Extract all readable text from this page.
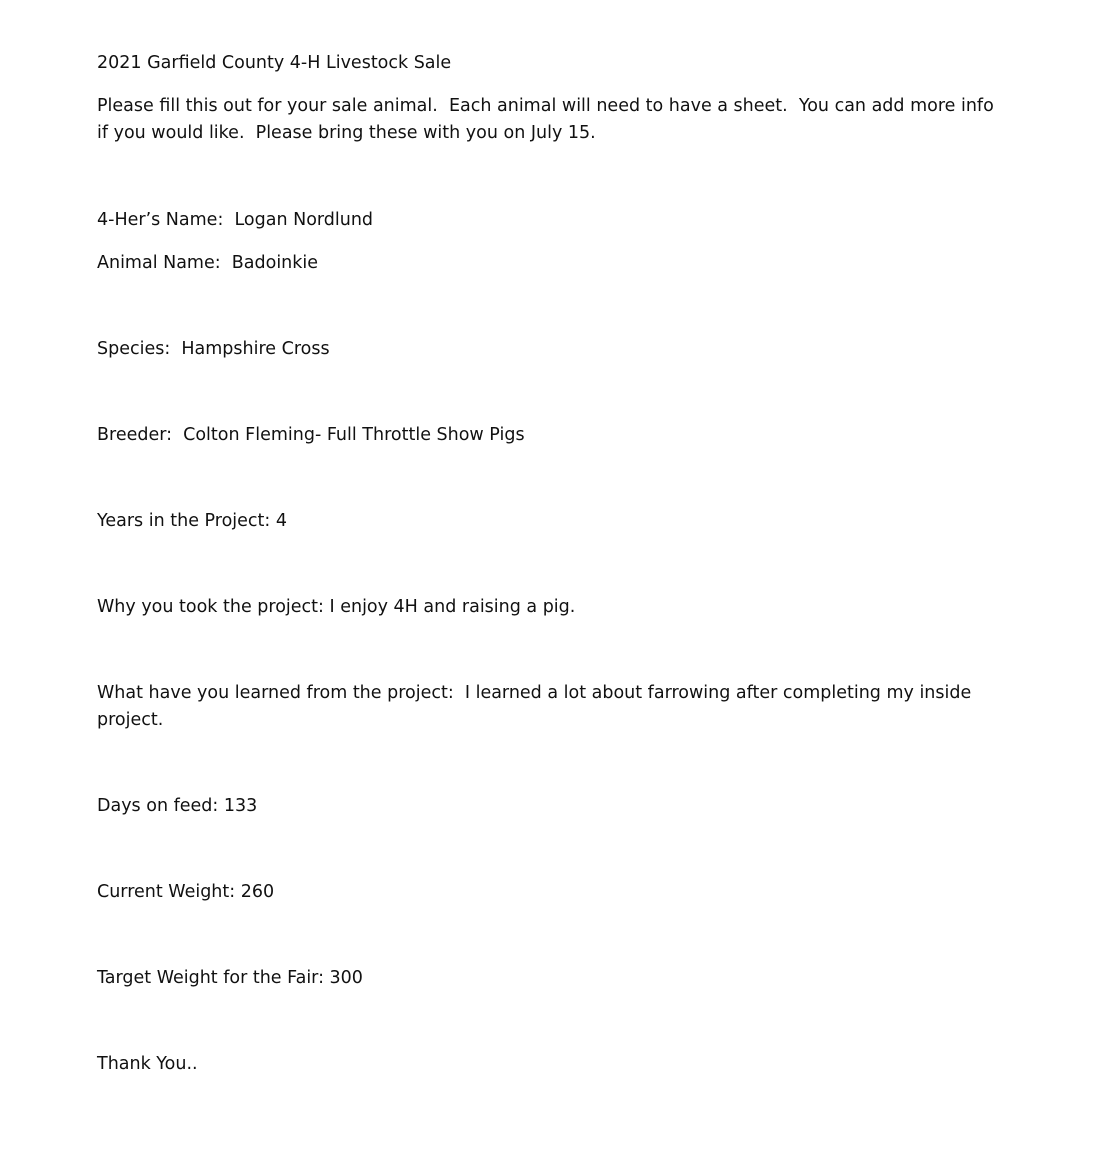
2021 Garfield County 4-H Livestock Sale

Please fill this out for your sale animal.  Each animal will need to have a sheet.  You can add more info if you would like.  Please bring these with you on July 15.

4-Her’s Name:  Logan Nordlund

Animal Name:  Badoinkie

Species:  Hampshire Cross

Breeder:  Colton Fleming- Full Throttle Show Pigs

Years in the Project: 4

Why you took the project: I enjoy 4H and raising a pig.

What have you learned from the project:  I learned a lot about farrowing after completing my inside project.

Days on feed: 133

Current Weight: 260

Target Weight for the Fair: 300

Thank You..
